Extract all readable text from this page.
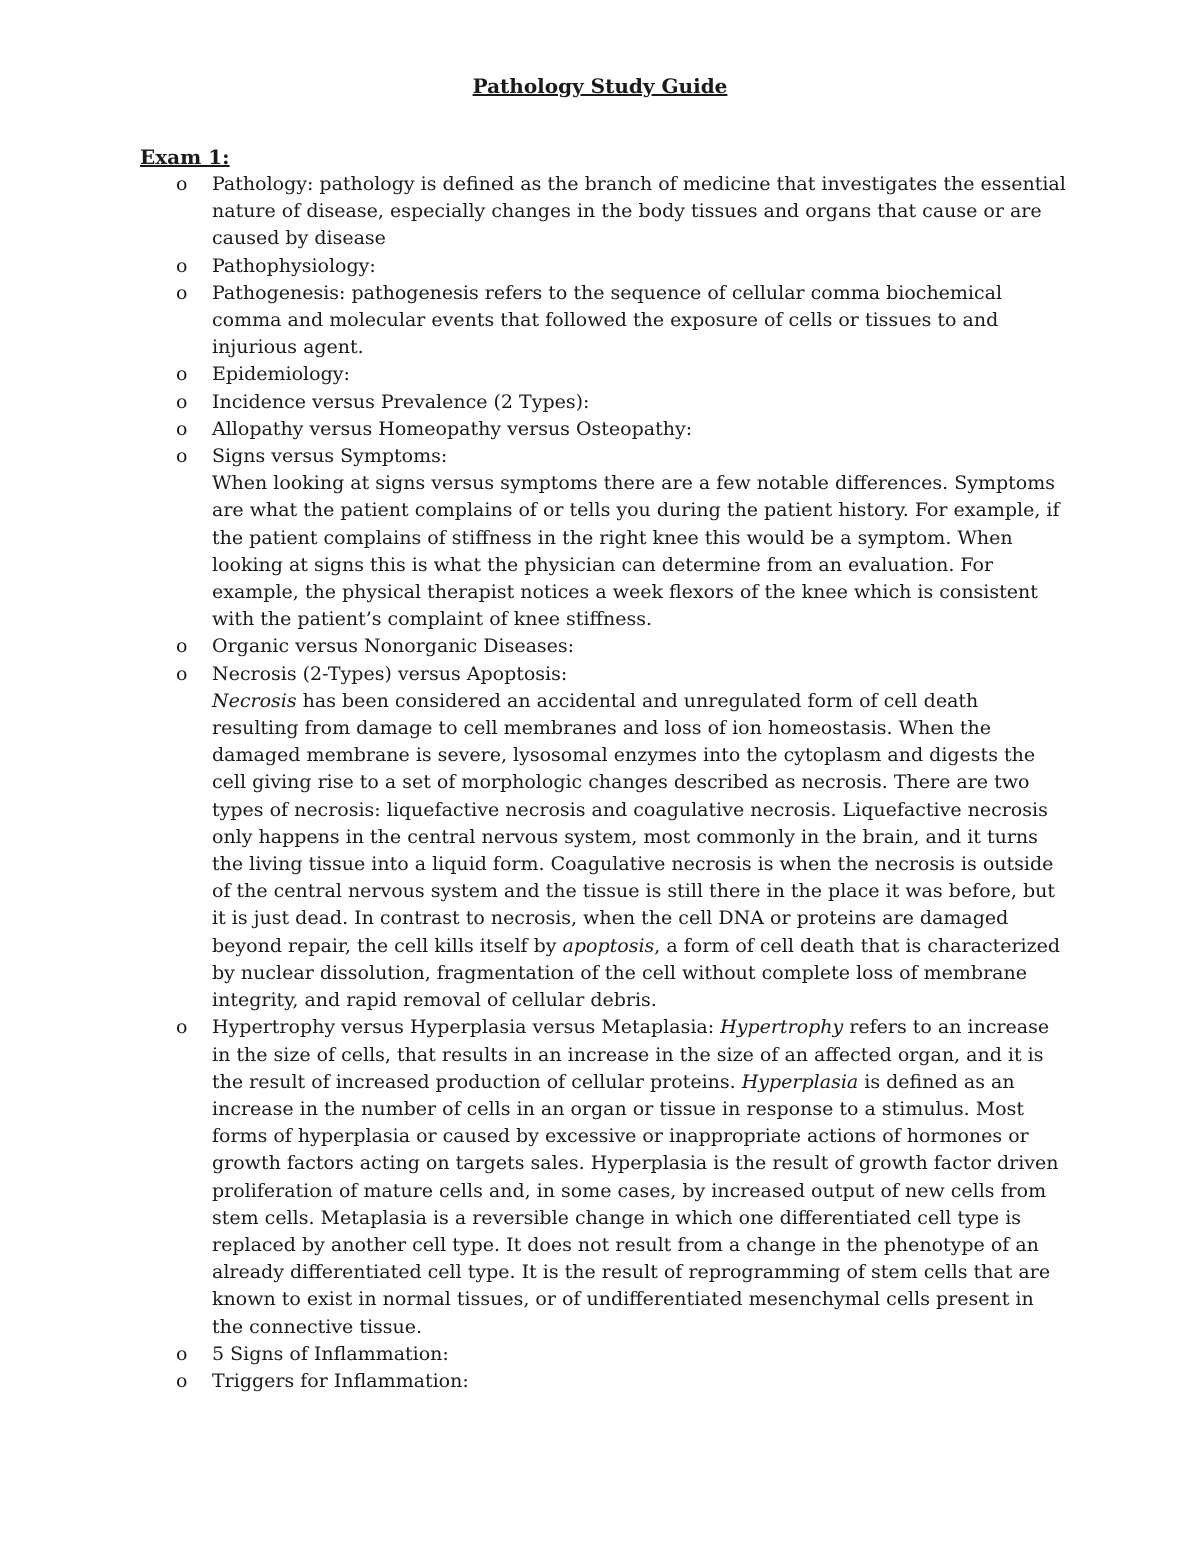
Pathology Study Guide
Exam 1:
o Pathology: pathology is defined as the branch of medicine that investigates the essential nature of disease, especially changes in the body tissues and organs that cause or are caused by disease
o Pathophysiology:
o Pathogenesis: pathogenesis refers to the sequence of cellular comma biochemical comma and molecular events that followed the exposure of cells or tissues to and injurious agent.
o Epidemiology:
o Incidence versus Prevalence (2 Types):
o Allopathy versus Homeopathy versus Osteopathy:
o Signs versus Symptoms:
When looking at signs versus symptoms there are a few notable differences. Symptoms are what the patient complains of or tells you during the patient history. For example, if the patient complains of stiffness in the right knee this would be a symptom. When looking at signs this is what the physician can determine from an evaluation. For example, the physical therapist notices a week flexors of the knee which is consistent with the patient’s complaint of knee stiffness.
o Organic versus Nonorganic Diseases:
o Necrosis (2-Types) versus Apoptosis:
Necrosis has been considered an accidental and unregulated form of cell death resulting from damage to cell membranes and loss of ion homeostasis. When the damaged membrane is severe, lysosomal enzymes into the cytoplasm and digests the cell giving rise to a set of morphologic changes described as necrosis. There are two types of necrosis: liquefactive necrosis and coagulative necrosis. Liquefactive necrosis only happens in the central nervous system, most commonly in the brain, and it turns the living tissue into a liquid form. Coagulative necrosis is when the necrosis is outside of the central nervous system and the tissue is still there in the place it was before, but it is just dead. In contrast to necrosis, when the cell DNA or proteins are damaged beyond repair, the cell kills itself by apoptosis, a form of cell death that is characterized by nuclear dissolution, fragmentation of the cell without complete loss of membrane integrity, and rapid removal of cellular debris.
o Hypertrophy versus Hyperplasia versus Metaplasia: Hypertrophy refers to an increase in the size of cells, that results in an increase in the size of an affected organ, and it is the result of increased production of cellular proteins. Hyperplasia is defined as an increase in the number of cells in an organ or tissue in response to a stimulus. Most forms of hyperplasia or caused by excessive or inappropriate actions of hormones or growth factors acting on targets sales. Hyperplasia is the result of growth factor driven proliferation of mature cells and, in some cases, by increased output of new cells from stem cells. Metaplasia is a reversible change in which one differentiated cell type is replaced by another cell type. It does not result from a change in the phenotype of an already differentiated cell type. It is the result of reprogramming of stem cells that are known to exist in normal tissues, or of undifferentiated mesenchymal cells present in the connective tissue.
o 5 Signs of Inflammation:
o Triggers for Inflammation:
